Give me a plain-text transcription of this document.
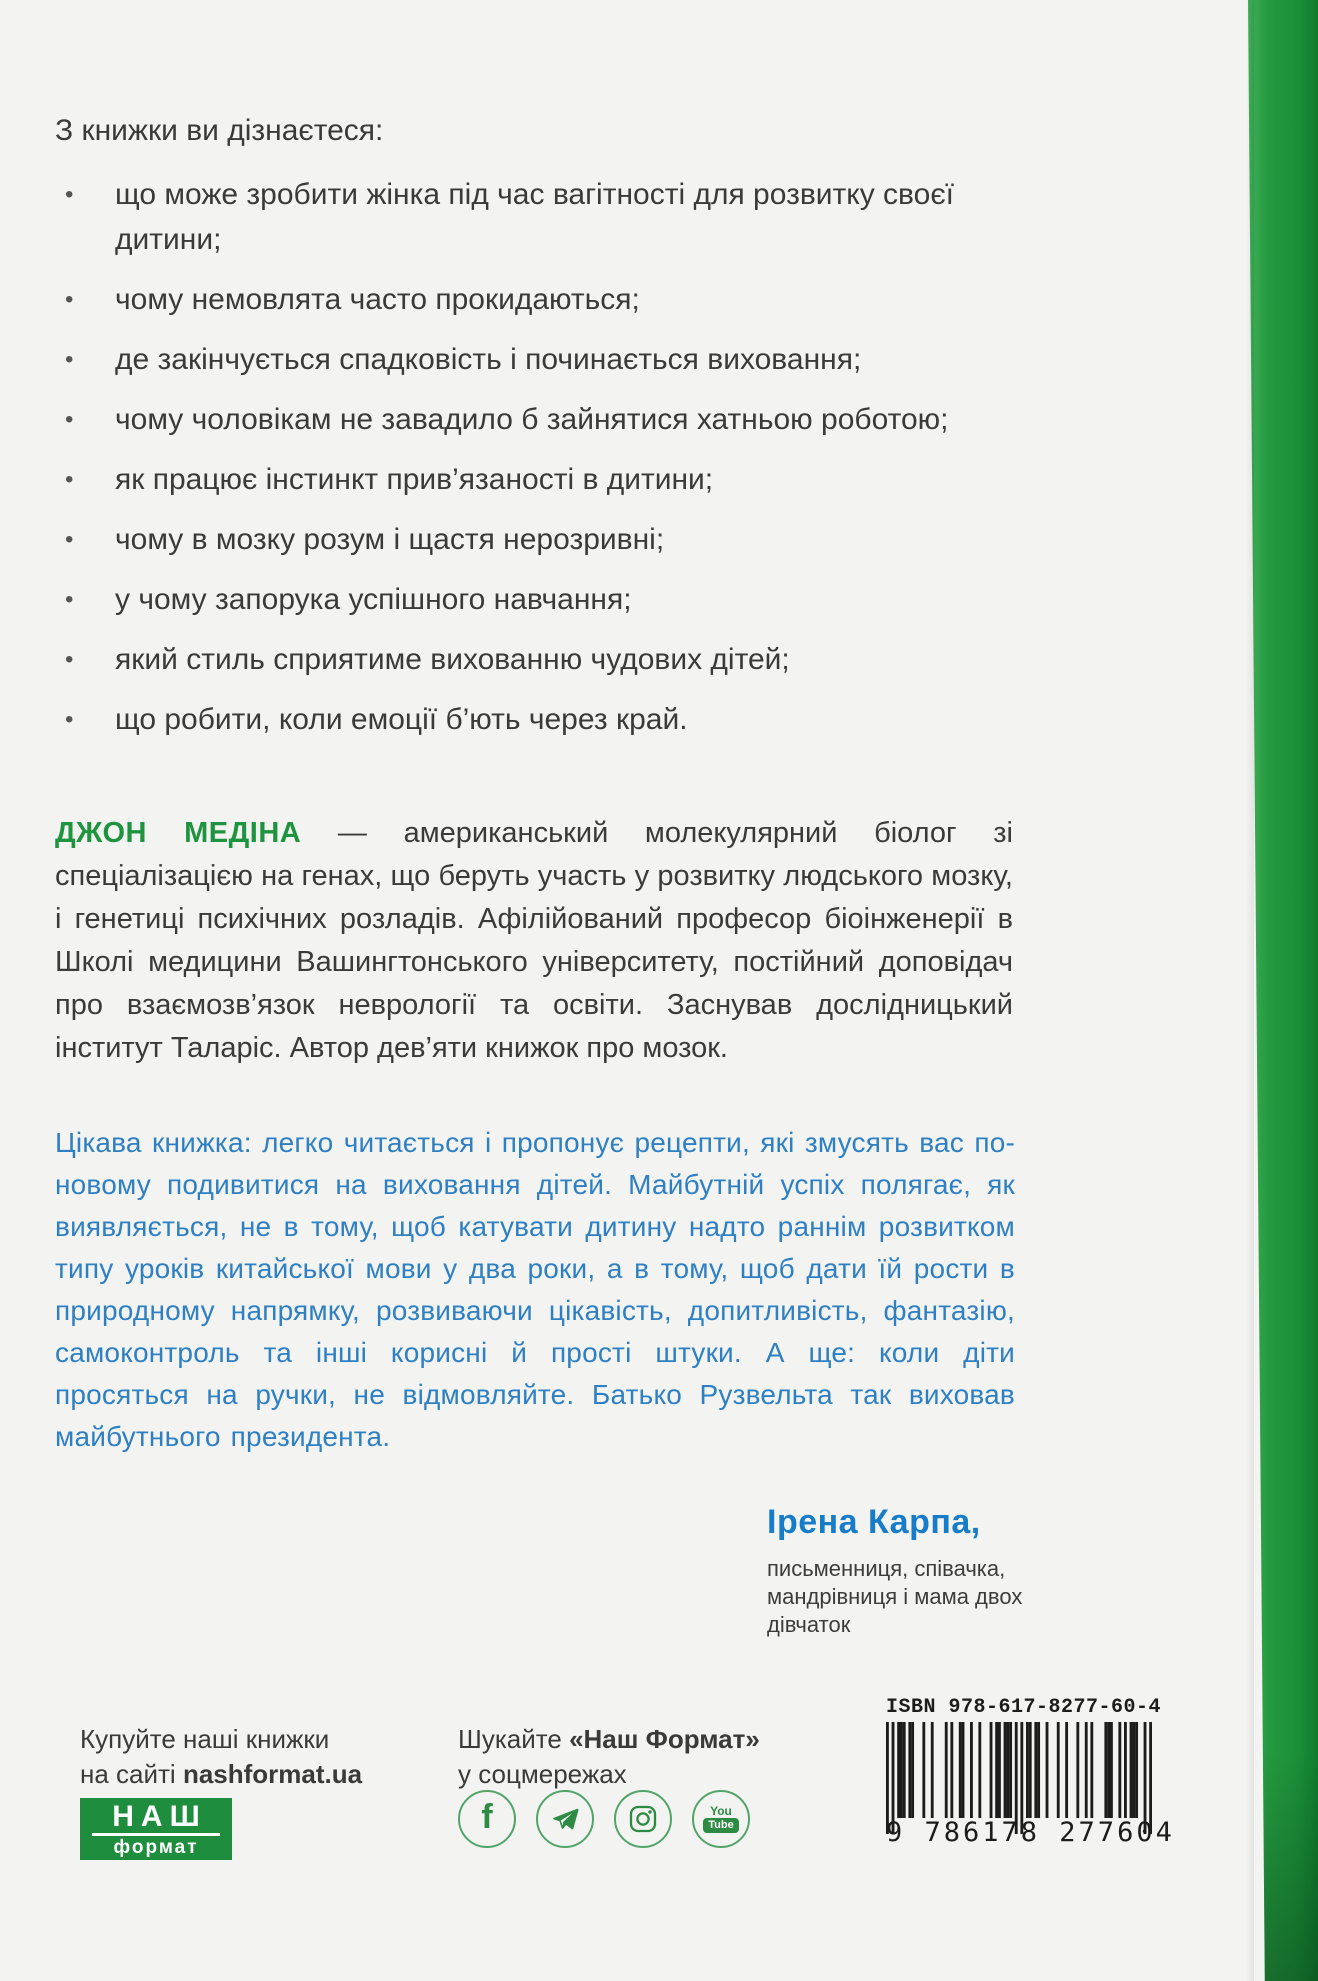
З книжки ви дізнаєтеся:
• що може зробити жінка під час вагітності для розвитку своєї дитини;
• чому немовлята часто прокидаються;
• де закінчується спадковість і починається виховання;
• чому чоловікам не завадило б зайнятися хатньою роботою;
• як працює інстинкт прив’язаності в дитини;
• чому в мозку розум і щастя нерозривні;
• у чому запорука успішного навчання;
• який стиль сприятиме вихованню чудових дітей;
• що робити, коли емоції б’ють через край.

ДЖОН МЕДІНА — американський молекулярний біолог зі спеціалізацією на генах, що беруть участь у розвитку людського мозку, і генетиці психічних розладів. Афілійований професор біоінженерії в Школі медицини Вашингтонського університету, постійний доповідач про взаємозв’язок неврології та освіти. Заснував дослідницький інститут Таларіс. Автор дев’яти книжок про мозок.

Цікава книжка: легко читається і пропонує рецепти, які змусять вас по-новому подивитися на виховання дітей. Майбутній успіх полягає, як виявляється, не в тому, щоб катувати дитину надто раннім розвитком типу уроків китайської мови у два роки, а в тому, щоб дати їй рости в природному напрямку, розвиваючи цікавість, допитливість, фантазію, самоконтроль та інші корисні й прості штуки. А ще: коли діти просяться на ручки, не відмовляйте. Батько Рузвельта так виховав майбутнього президента.

Ірена Карпа,
письменниця, співачка,
мандрівниця і мама двох дівчаток
Купуйте наші книжки
на сайті nashformat.ua
НАШ
формат
Шукайте «Наш Формат»
у соцмережах
f	You
Tube
ISBN 978-617-8277-60-4
9 786178 277604
